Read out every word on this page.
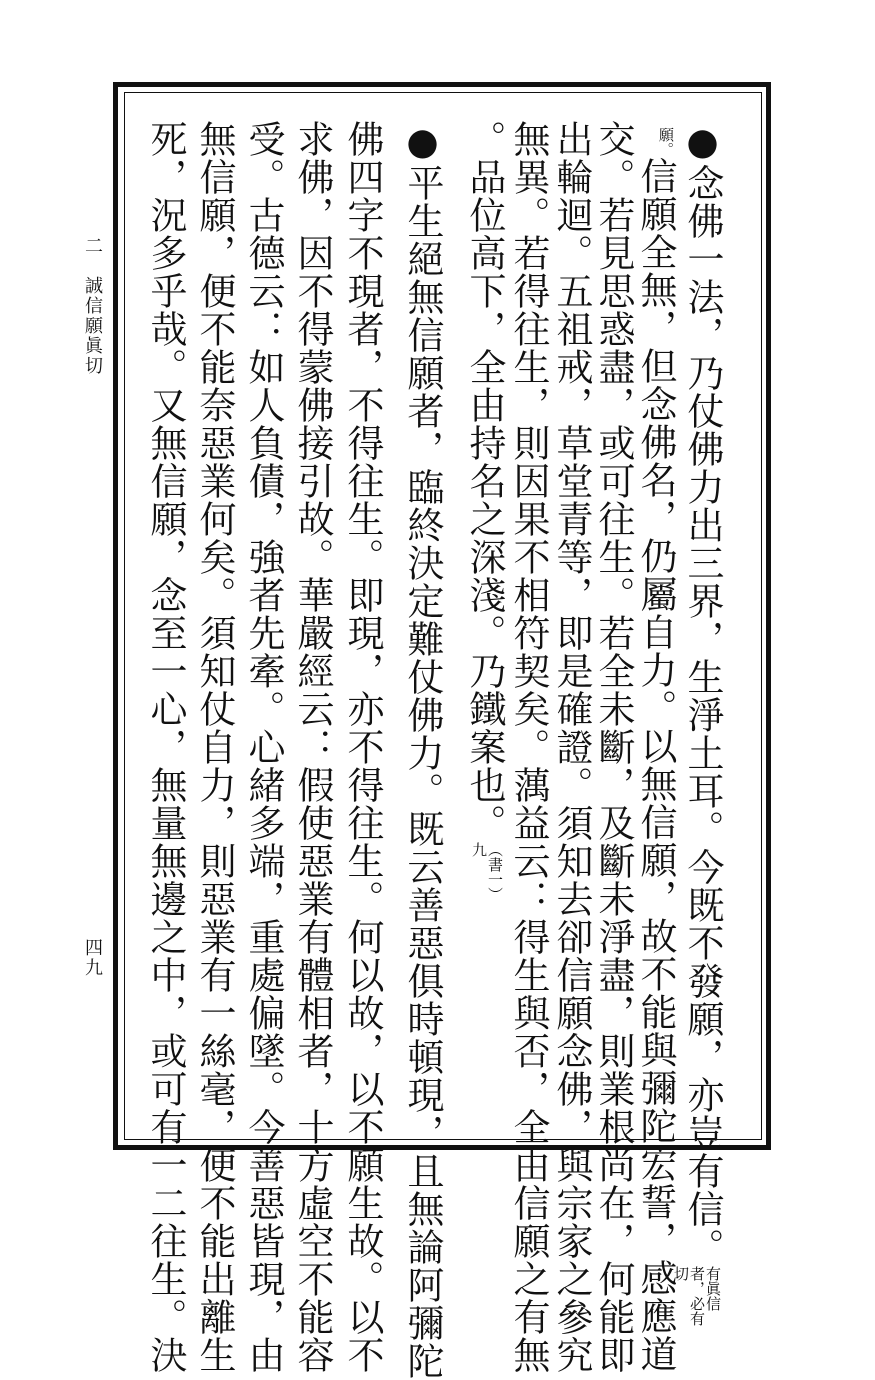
二
誠信願眞切
四九	●念佛一法，乃仗佛力出三界，生淨土耳。今既不發願，亦豈有信。有眞信者，必有切
願。信願全無，但念佛名，仍屬自力。以無信願，故不能與彌陀宏誓，感應道
交。若見思惑盡，或可往生。若全未斷，及斷未淨盡，則業根尚在，何能即
出輪迴。五祖戒，草堂青等，即是確證。須知去卻信願念佛，與宗家之參究
無異。若得往生，則因果不相符契矣。蕅益云：得生與否，全由信願之有無
。品位高下，全由持名之深淺。乃鐵案也。（書一）九
●平生絕無信願者，臨終決定難仗佛力。既云善惡俱時頓現，且無論阿彌陀
佛四字不現者，不得往生。即現，亦不得往生。何以故，以不願生故。以不
求佛，因不得蒙佛接引故。華嚴經云：假使惡業有體相者，十方虛空不能容
受。古德云：如人負債，強者先牽。心緒多端，重處偏墜。今善惡皆現，由
無信願，便不能奈惡業何矣。須知仗自力，則惡業有一絲毫，便不能出離生
死，況多乎哉。又無信願，念至一心，無量無邊之中，或可有一二往生。決
